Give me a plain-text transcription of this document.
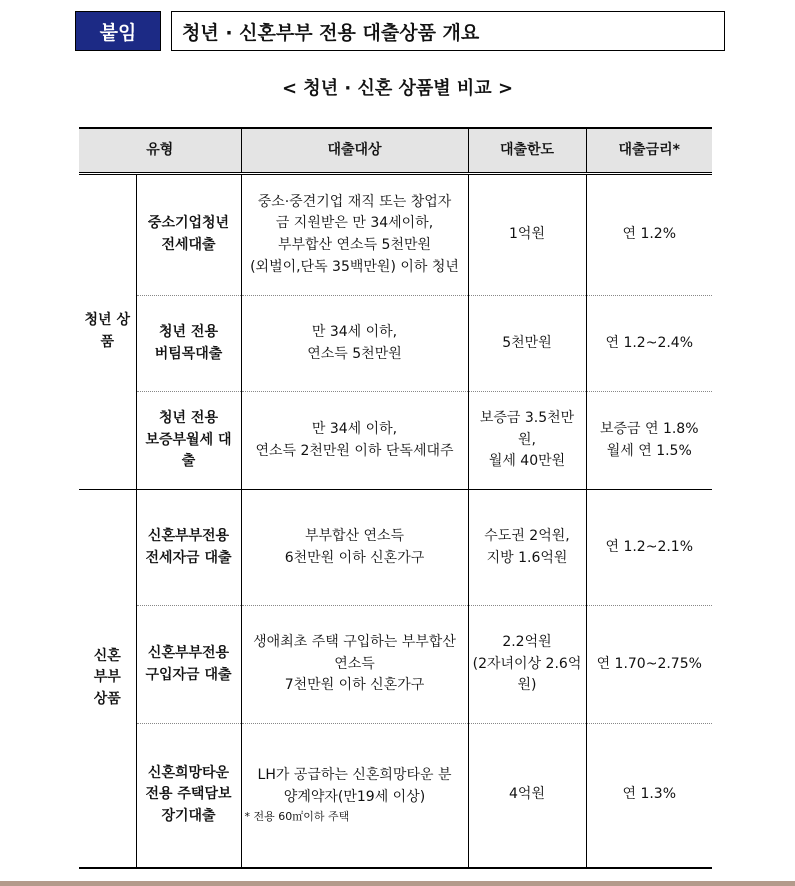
붙임	청년 · 신혼부부 전용 대출상품 개요
< 청년 · 신혼 상품별 비교 >
유형		대출대상	대출한도	대출금리*

청년 상
품	중소기업청년
전세대출	중소·중견기업 재직 또는 창업자
금 지원받은 만 34세이하,
부부합산 연소득 5천만원
(외벌이,단독 35백만원) 이하 청년	1억원	연 1.2%

	청년 전용
버팀목대출	만 34세 이하,
연소득 5천만원	5천만원	연 1.2~2.4%

	청년 전용
보증부월세 대
출	만 34세 이하,
연소득 2천만원 이하 단독세대주	보증금 3.5천만
원,
월세 40만원	보증금 연 1.8%
월세 연 1.5%

신혼
부부
상품	신혼부부전용
전세자금 대출	부부합산 연소득
6천만원 이하 신혼가구	수도권 2억원,
지방 1.6억원	연 1.2~2.1%

	신혼부부전용
구입자금 대출	생애최초 주택 구입하는 부부합산
연소득
7천만원 이하 신혼가구	2.2억원
(2자녀이상 2.6억
원)	연 1.70~2.75%

	신혼희망타운
전용 주택담보
장기대출	LH가 공급하는 신혼희망타운 분
양계약자(만19세 이상)
* 전용 60㎡이하 주택	4억원	연 1.3%
